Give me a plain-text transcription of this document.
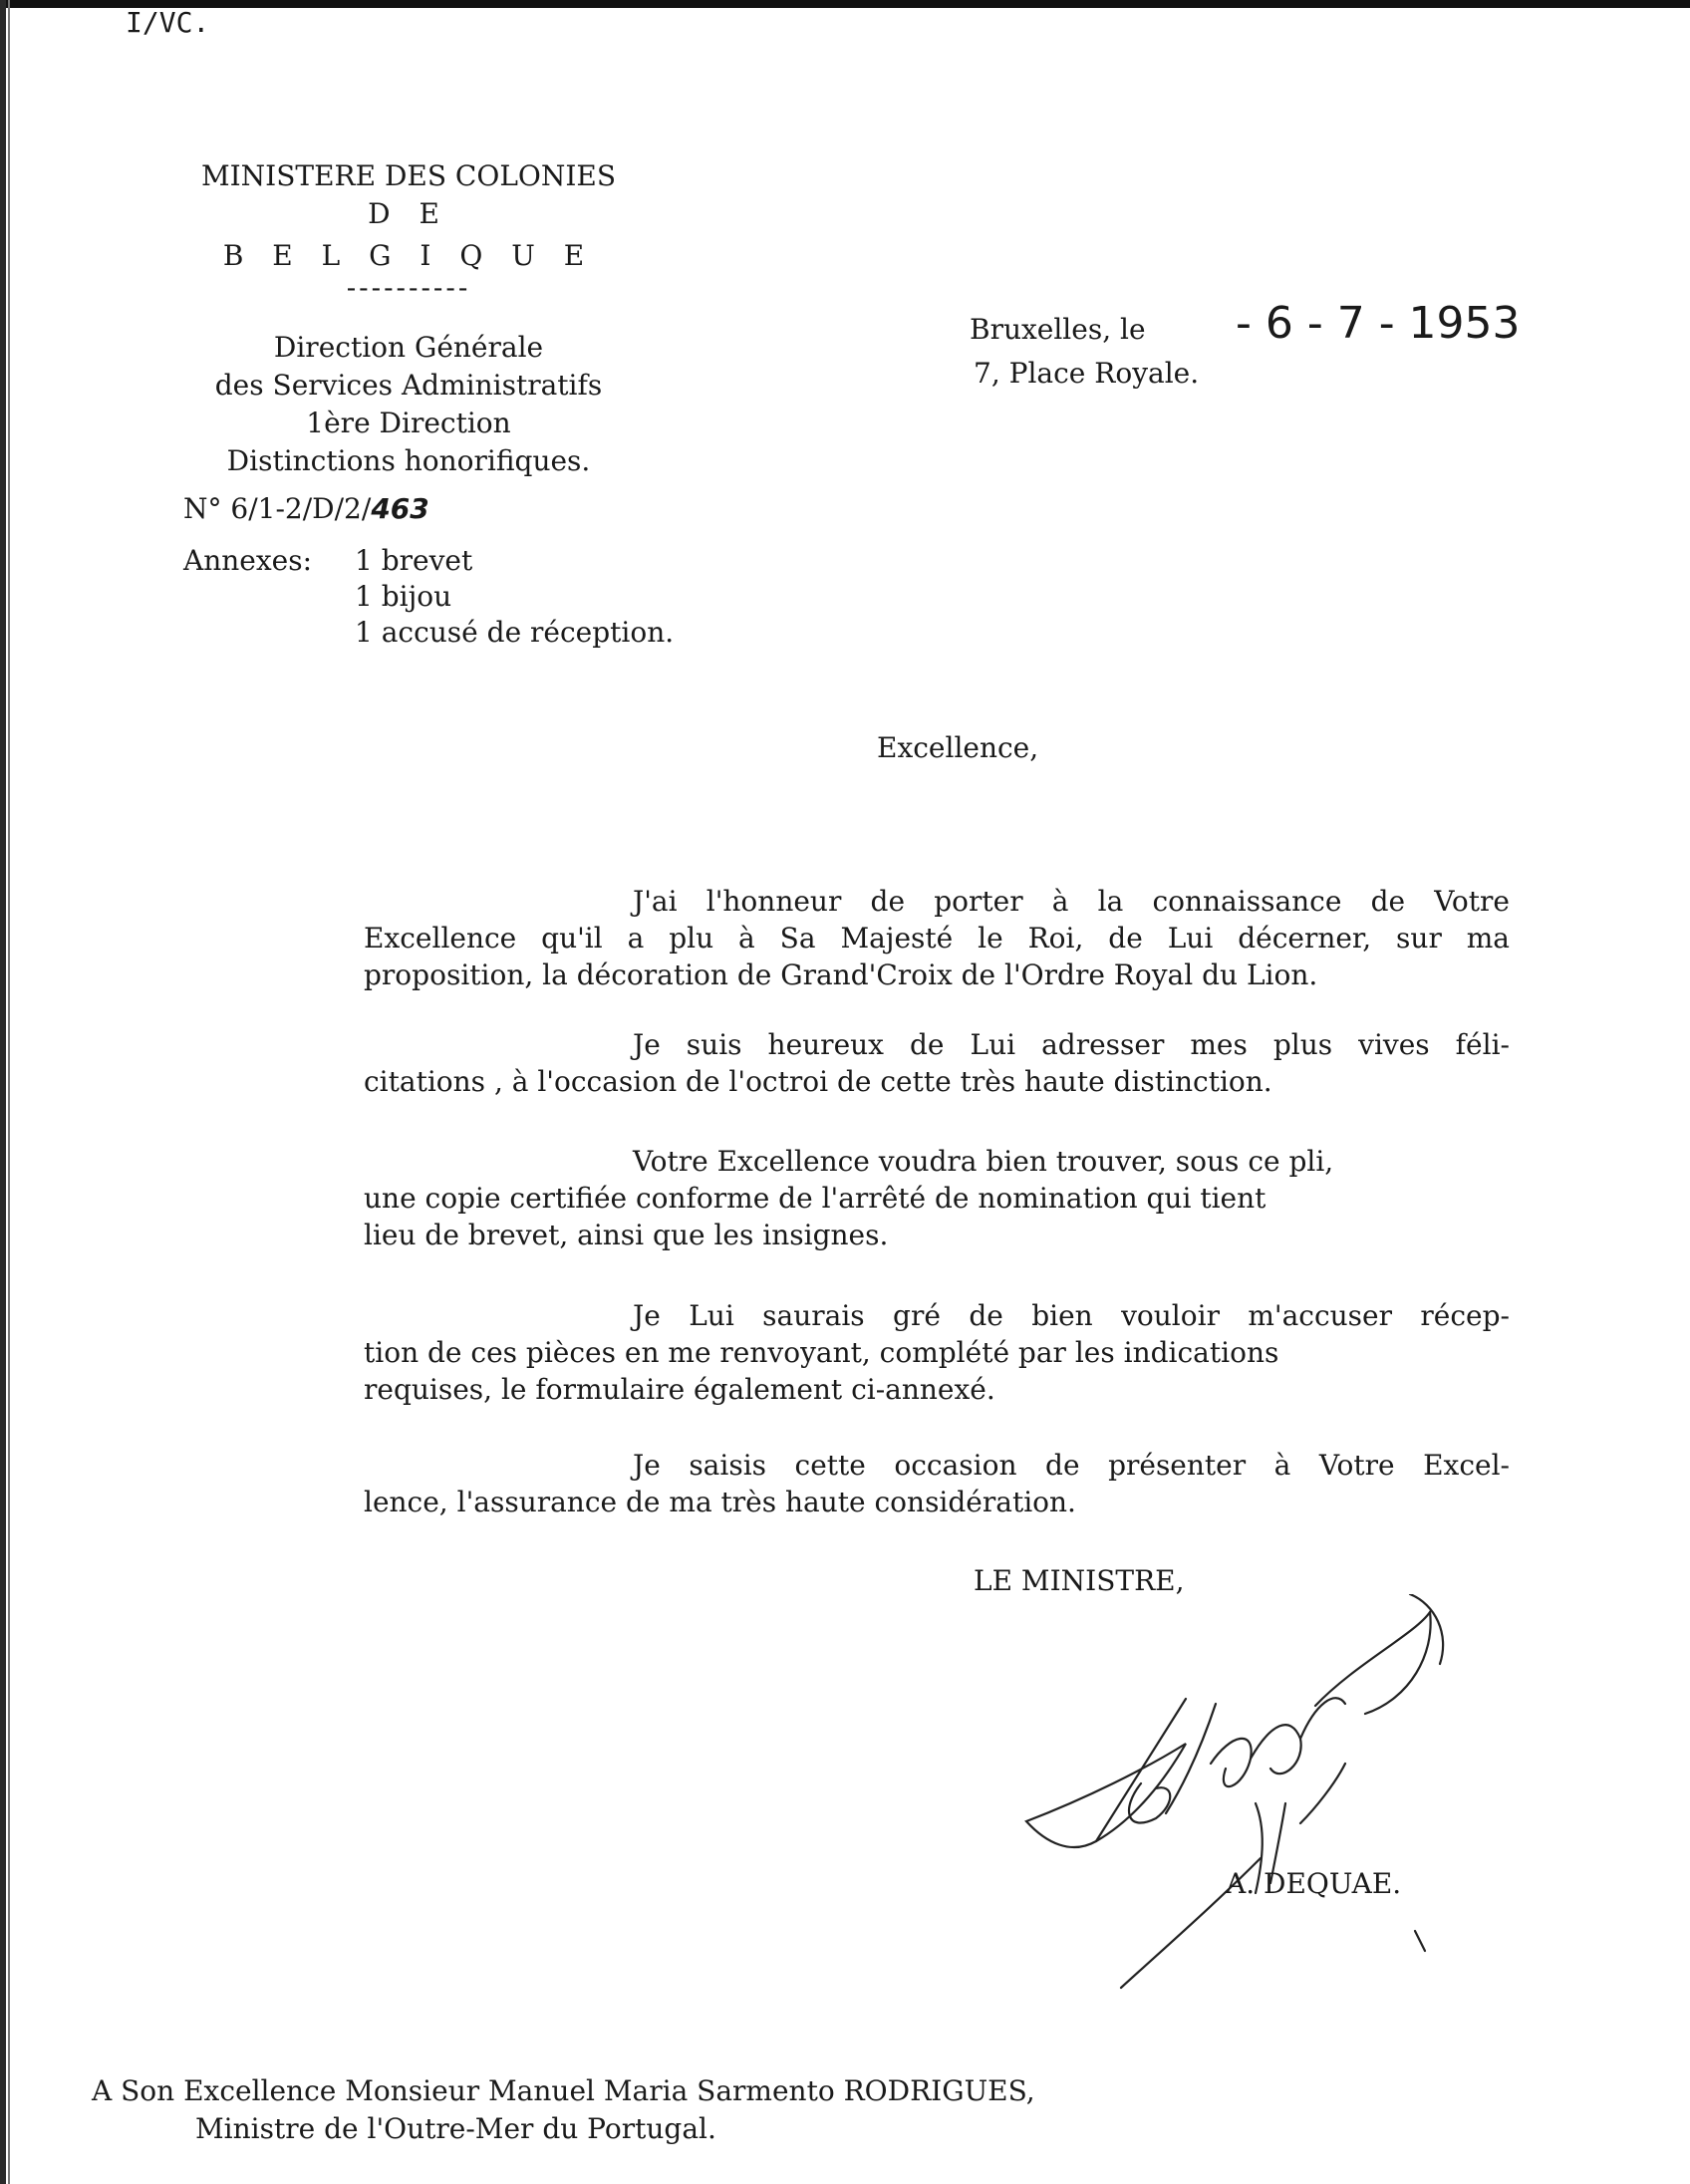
I/VC.
MINISTERE DES COLONIES
D E
B E L G I Q U E
----------
Direction Générale
des Services Administratifs
1ère Direction
Distinctions honorifiques.
N° 6/1-2/D/2/463
Annexes: 1 brevet
1 bijou
1 accusé de réception.
Bruxelles, le - 6 - 7 - 1953
7, Place Royale.
Excellence,
J'ai l'honneur de porter à la connaissance de Votre
Excellence qu'il a plu à Sa Majesté le Roi, de Lui décerner, sur ma
proposition, la décoration de Grand'Croix de l'Ordre Royal du Lion.
Je suis heureux de Lui adresser mes plus vives féli-
citations , à l'occasion de l'octroi de cette très haute distinction.
Votre Excellence voudra bien trouver, sous ce pli,
une copie certifiée conforme de l'arrêté de nomination qui tient
lieu de brevet, ainsi que les insignes.
Je Lui saurais gré de bien vouloir m'accuser récep-
tion de ces pièces en me renvoyant, complété par les indications
requises, le formulaire également ci-annexé.
Je saisis cette occasion de présenter à Votre Excel-
lence, l'assurance de ma très haute considération.
LE MINISTRE,
A. DEQUAE.
A Son Excellence Monsieur Manuel Maria Sarmento RODRIGUES,
Ministre de l'Outre-Mer du Portugal.
